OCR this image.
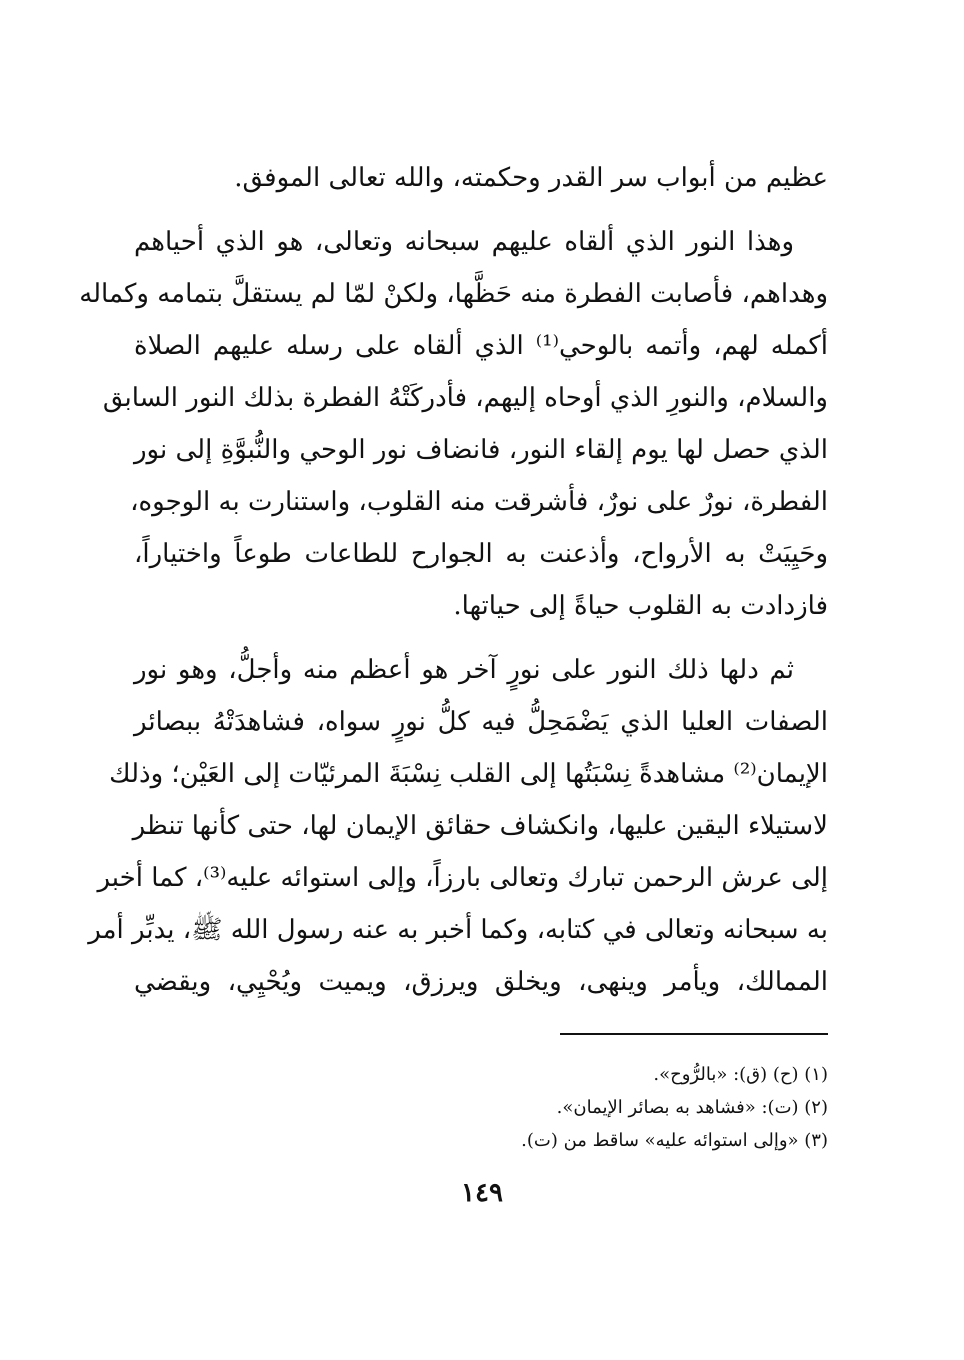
عظيم من أبواب سر القدر وحكمته، والله تعالى الموفق.
وهذا النور الذي ألقاه عليهم سبحانه وتعالى، هو الذي أحياهم
وهداهم، فأصابت الفطرة منه حَظَّها، ولكنْ لمّا لم يستقلَّ بتمامه وكماله
أكمله لهم، وأتمه بالوحي⁽¹⁾ الذي ألقاه على رسله عليهم الصلاة
والسلام، والنورِ الذي أوحاه إليهم، فأدركَتْهُ الفطرة بذلك النور السابق
الذي حصل لها يوم إلقاء النور، فانضاف نور الوحي والنُّبوَّةِ إلى نور
الفطرة، نورٌ على نورٌ، فأشرقت منه القلوب، واستنارت به الوجوه،
وحَيِيَتْ به الأرواح، وأذعنت به الجوارح للطاعات طوعاً واختياراً،
فازدادت به القلوب حياةً إلى حياتها.
ثم دلها ذلك النور على نورٍ آخر هو أعظم منه وأجلُّ، وهو نور
الصفات العليا الذي يَضْمَحِلُّ فيه كلُّ نورٍ سواه، فشاهدَتْهُ ببصائر
الإيمان⁽²⁾ مشاهدةً نِسْبَتُها إلى القلب نِسْبَةَ المرئيّات إلى العَيْن؛ وذلك
لاستيلاء اليقين عليها، وانكشاف حقائق الإيمان لها، حتى كأنها تنظر
إلى عرش الرحمن تبارك وتعالى بارزاً، وإلى استوائه عليه⁽³⁾، كما أخبر
به سبحانه وتعالى في كتابه، وكما أخبر به عنه رسول الله ﷺ، يدبِّر أمر
الممالك، ويأمر وينهى، ويخلق ويرزق، ويميت ويُحْيِي، ويقضي
(١) (ح) (ق): «بالرُّوح».
(٢) (ت): «فشاهد به بصائر الإيمان».
(٣) «وإلى استوائه عليه» ساقط من (ت).
١٤٩
